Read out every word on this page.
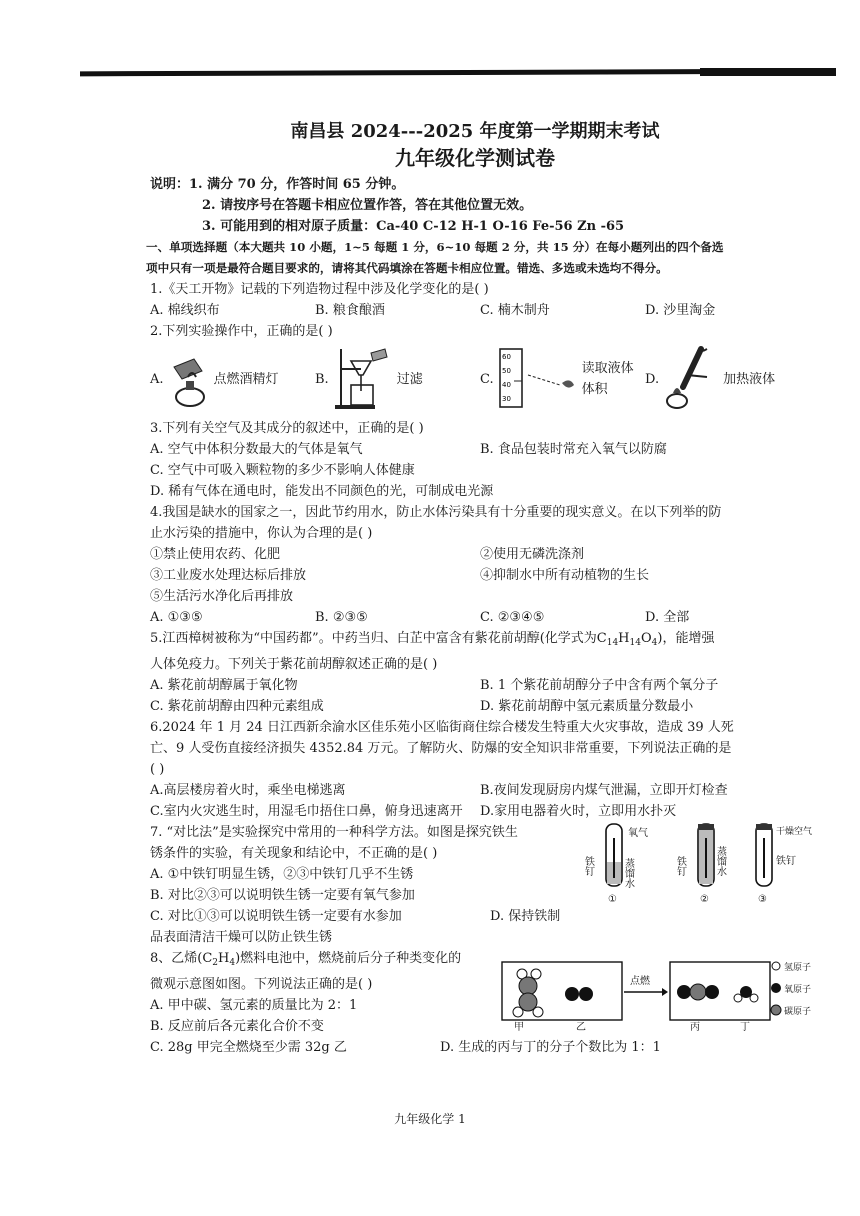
南昌县 2024---2025 年度第一学期期末考试
九年级化学测试卷
说明：1. 满分 70 分，作答时间 65 分钟。
2. 请按序号在答题卡相应位置作答，答在其他位置无效。
3. 可能用到的相对原子质量：Ca-40 C-12 H-1 O-16 Fe-56 Zn -65
一、单项选择题（本大题共 10 小题，1~5 每题 1 分，6~10 每题 2 分，共 15 分）在每小题列出的四个备选
项中只有一项是最符合题目要求的，请将其代码填涂在答题卡相应位置。错选、多选或未选均不得分。
1.《天工开物》记载的下列造物过程中涉及化学变化的是( )
A. 棉线织布	B. 粮食酿酒	C. 楠木制舟	D. 沙里淘金
2.下列实验操作中，正确的是( )
A.	点燃酒精灯	B.	过滤	C.
60
50
40
30
读取液体体积
D.	加热液体
3.下列有关空气及其成分的叙述中，正确的是( )
A. 空气中体积分数最大的气体是氧气	B. 食品包装时常充入氧气以防腐
C. 空气中可吸入颗粒物的多少不影响人体健康
D. 稀有气体在通电时，能发出不同颜色的光，可制成电光源
4.我国是缺水的国家之一，因此节约用水，防止水体污染具有十分重要的现实意义。在以下列举的防
止水污染的措施中，你认为合理的是( )
①禁止使用农药、化肥	②使用无磷洗涤剂
③工业废水处理达标后排放	④抑制水中所有动植物的生长
⑤生活污水净化后再排放
A. ①③⑤	B. ②③⑤	C. ②③④⑤	D. 全部
5.江西樟树被称为“中国药都”。中药当归、白芷中富含有紫花前胡醇(化学式为$C_{14}H_{14}O_4$)，能增强
人体免疫力。下列关于紫花前胡醇叙述正确的是( )
A. 紫花前胡醇属于氧化物	B. 1 个紫花前胡醇分子中含有两个氧分子
C. 紫花前胡醇由四种元素组成	D. 紫花前胡醇中氢元素质量分数最小
6.2024 年 1 月 24 日江西新余渝水区佳乐苑小区临街商住综合楼发生特重大火灾事故，造成 39 人死
亡、9 人受伤直接经济损失 4352.84 万元。了解防火、防爆的安全知识非常重要，下列说法正确的是
( )
A.高层楼房着火时，乘坐电梯逃离	B.夜间发现厨房内煤气泄漏，立即开灯检查
C.室内火灾逃生时，用湿毛巾捂住口鼻，俯身迅速离开	D.家用电器着火时，立即用水扑灭
7. “对比法”是实验探究中常用的一种科学方法。如图是探究铁生
锈条件的实验，有关现象和结论中，不正确的是( )
A. ①中铁钉明显生锈，②③中铁钉几乎不生锈
B. 对比②③可以说明铁生锈一定要有氧气参加
C. 对比①③可以说明铁生锈一定要有水参加	D. 保持铁制
品表面清洁干燥可以防止铁生锈
氧气
铁钉	蒸馏水
①
铁钉	蒸馏水
②
干燥空气
铁钉
③
8、乙烯$(C_2H_4)$燃料电池中，燃烧前后分子种类变化的
微观示意图如图。下列说法正确的是( )
A. 甲中碳、氢元素的质量比为 2：1
B. 反应前后各元素化合价不变
C. 28g 甲完全燃烧至少需 32g 乙	D. 生成的丙与丁的分子个数比为 1：1
甲	乙
点燃
丙	丁
氢原子
氧原子
碳原子
九年级化学 1
